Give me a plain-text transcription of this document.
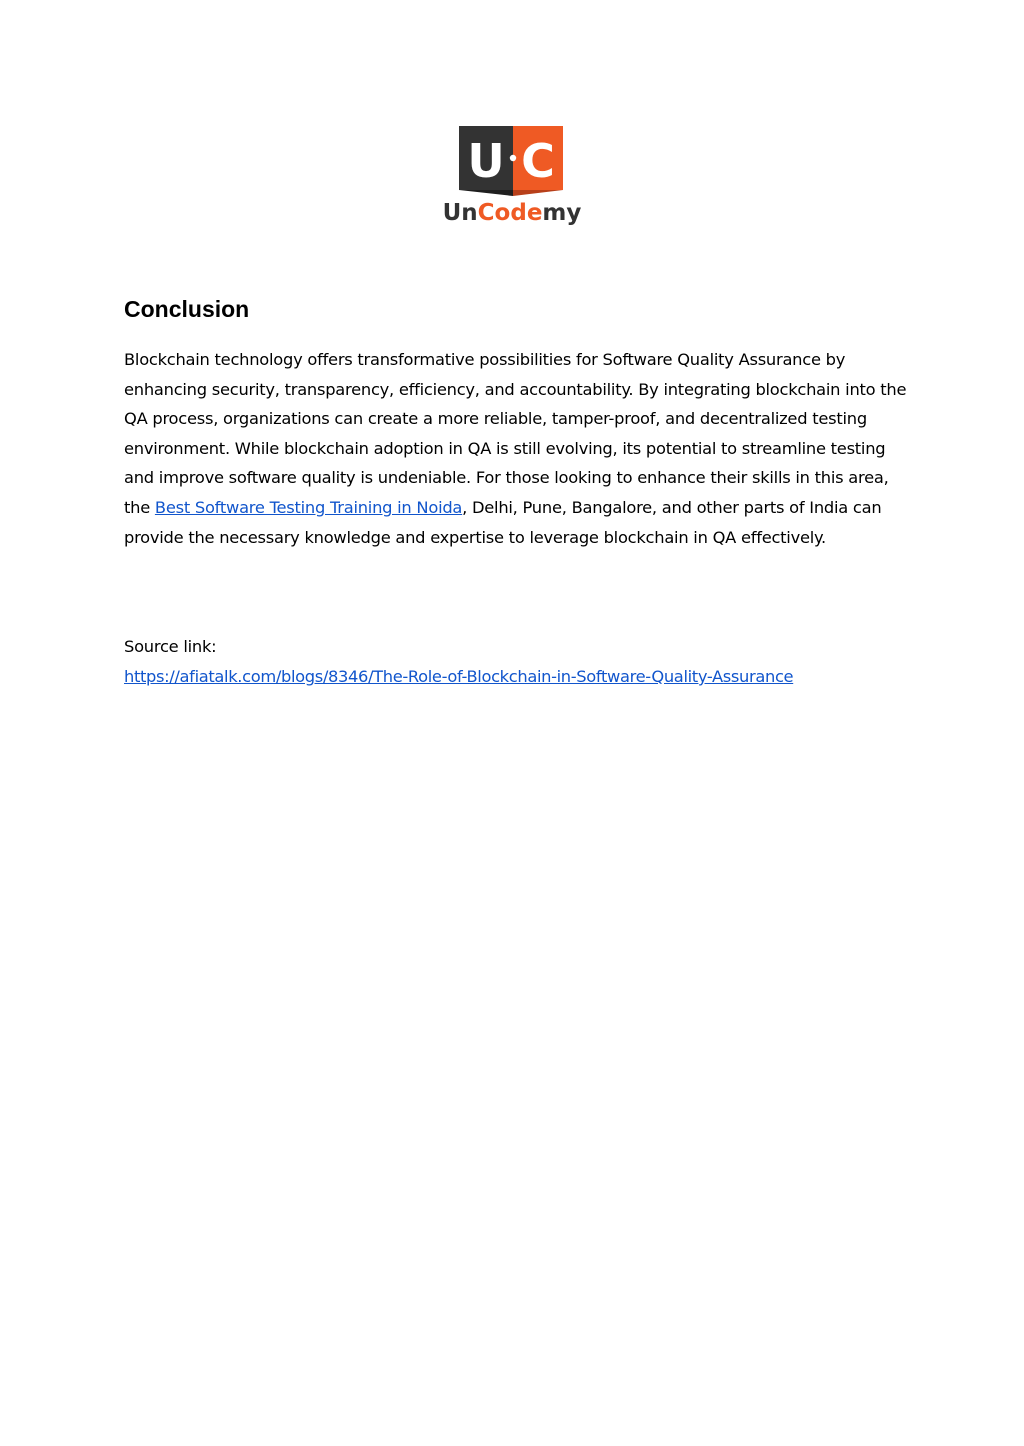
U C
UnCodemy
Conclusion

Blockchain technology offers transformative possibilities for Software Quality Assurance by enhancing security, transparency, efficiency, and accountability. By integrating blockchain into the QA process, organizations can create a more reliable, tamper-proof, and decentralized testing environment. While blockchain adoption in QA is still evolving, its potential to streamline testing and improve software quality is undeniable. For those looking to enhance their skills in this area, the Best Software Testing Training in Noida, Delhi, Pune, Bangalore, and other parts of India can provide the necessary knowledge and expertise to leverage blockchain in QA effectively.

Source link:

https://afiatalk.com/blogs/8346/The-Role-of-Blockchain-in-Software-Quality-Assurance
